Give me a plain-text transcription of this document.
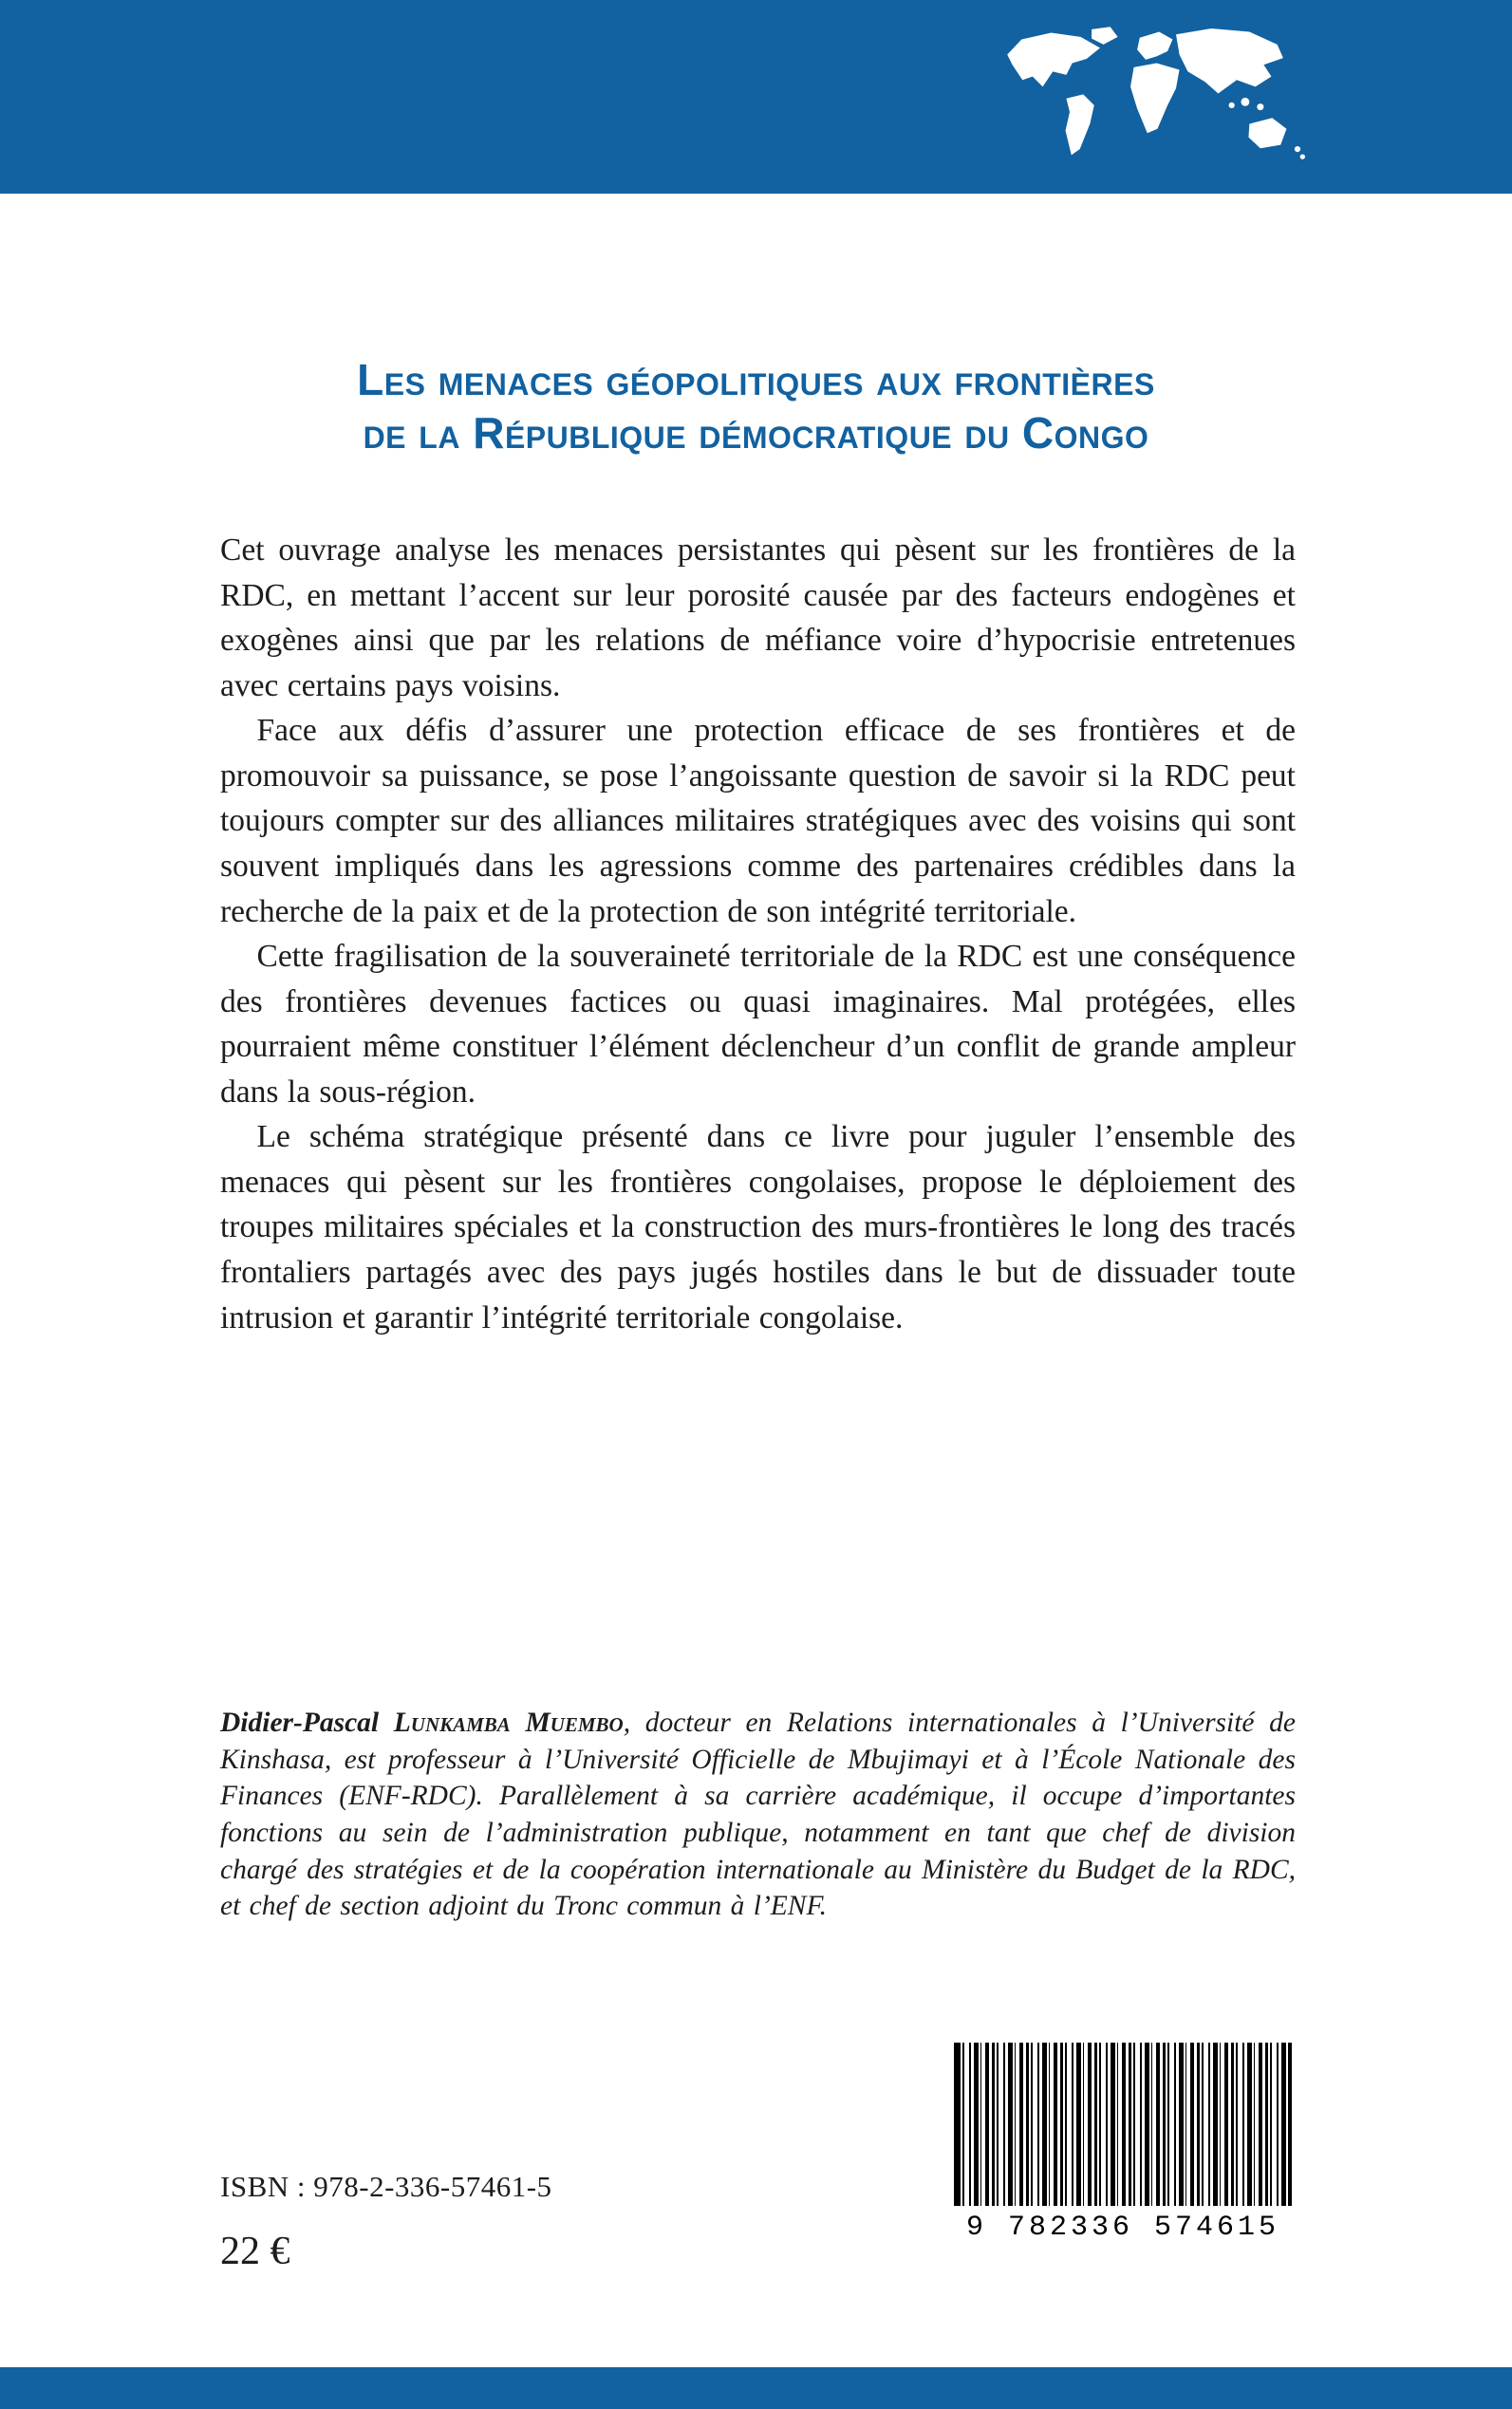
Les menaces géopolitiques aux frontières
de la République démocratique du Congo

Cet ouvrage analyse les menaces persistantes qui pèsent sur les frontières de la RDC, en mettant l’accent sur leur porosité causée par des facteurs endogènes et exogènes ainsi que par les relations de méfiance voire d’hypocrisie entretenues avec certains pays voisins.

Face aux défis d’assurer une protection efficace de ses frontières et de promouvoir sa puissance, se pose l’angoissante question de savoir si la RDC peut toujours compter sur des alliances militaires stratégiques avec des voisins qui sont souvent impliqués dans les agressions comme des partenaires crédibles dans la recherche de la paix et de la protection de son intégrité territoriale.

Cette fragilisation de la souveraineté territoriale de la RDC est une conséquence des frontières devenues factices ou quasi imaginaires. Mal protégées, elles pourraient même constituer l’élément déclencheur d’un conflit de grande ampleur dans la sous-région.

Le schéma stratégique présenté dans ce livre pour juguler l’ensemble des menaces qui pèsent sur les frontières congolaises, propose le déploiement des troupes militaires spéciales et la construction des murs-frontières le long des tracés frontaliers partagés avec des pays jugés hostiles dans le but de dissuader toute intrusion et garantir l’intégrité territoriale congolaise.

Didier-Pascal Lunkamba Muembo, docteur en Relations internationales à l’Université de Kinshasa, est professeur à l’Université Officielle de Mbujimayi et à l’École Nationale des Finances (ENF-RDC). Parallèlement à sa carrière académique, il occupe d’importantes fonctions au sein de l’administration publique, notamment en tant que chef de division chargé des stratégies et de la coopération internationale au Ministère du Budget de la RDC, et chef de section adjoint du Tronc commun à l’ENF.
ISBN : 978-2-336-57461-5
22 €
9 782336 574615
